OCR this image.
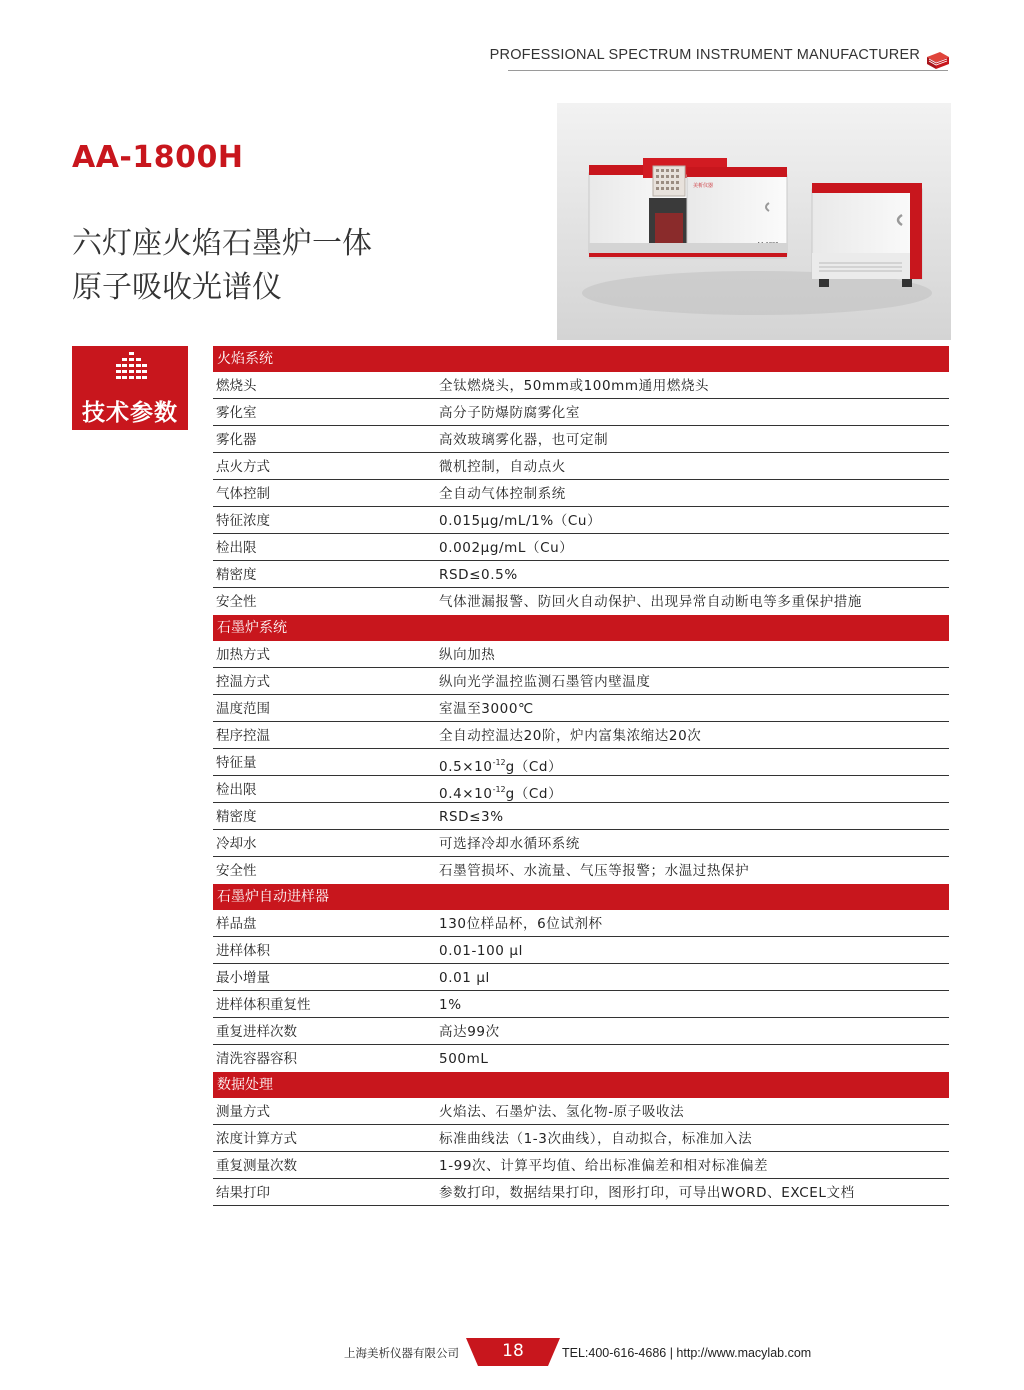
PROFESSIONAL SPECTRUM INSTRUMENT MANUFACTURER
AA-1800H
六灯座火焰石墨炉一体
原子吸收光谱仪
美析仪器
技术参数
火焰系统
燃烧头	全钛燃烧头，50mm或100mm通用燃烧头
雾化室	高分子防爆防腐雾化室
雾化器	高效玻璃雾化器，也可定制
点火方式	微机控制，自动点火
气体控制	全自动气体控制系统
特征浓度	0.015μg/mL/1%（Cu）
检出限	0.002μg/mL（Cu）
精密度	RSD≤0.5%
安全性	气体泄漏报警、防回火自动保护、出现异常自动断电等多重保护措施
石墨炉系统
加热方式	纵向加热
控温方式	纵向光学温控监测石墨管内壁温度
温度范围	室温至3000℃
程序控温	全自动控温达20阶，炉内富集浓缩达20次
特征量	$0.5\times 10^{-12}g(Cd)$
检出限	$0.4\times 10^{-12}g(Cd)$
精密度	RSD≤3%
冷却水	可选择冷却水循环系统
安全性	石墨管损坏、水流量、气压等报警；水温过热保护
石墨炉自动进样器
样品盘	130位样品杯，6位试剂杯
进样体积	0.01-100 μl
最小增量	0.01 μl
进样体积重复性	1%
重复进样次数	高达99次
清洗容器容积	500mL
数据处理
测量方式	火焰法、石墨炉法、氢化物-原子吸收法
浓度计算方式	标准曲线法（1-3次曲线），自动拟合，标准加入法
重复测量次数	1-99次、计算平均值、给出标准偏差和相对标准偏差
结果打印	参数打印，数据结果打印，图形打印，可导出WORD、EXCEL文档
上海美析仪器有限公司	18	TEL:400-616-4686 | http://www.macylab.com
